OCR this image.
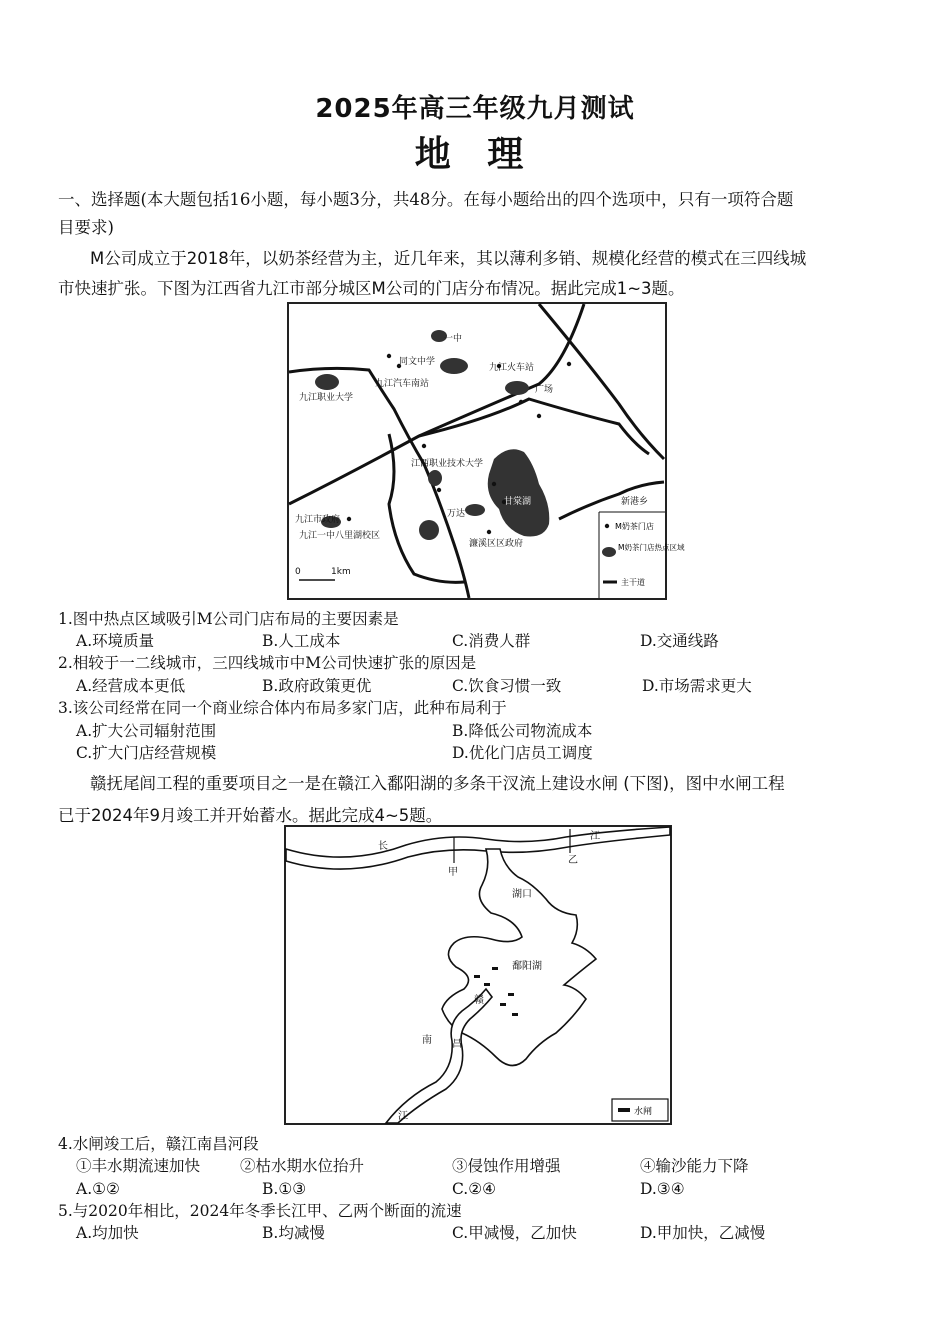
2025年高三年级九月测试
地 理
一、选择题(本大题包括16小题，每小题3分，共48分。在每小题给出的四个选项中，只有一项符合题
目要求)
M公司成立于2018年，以奶茶经营为主，近几年来，其以薄利多销、规模化经营的模式在三四线城
市快速扩张。下图为江西省九江市部分城区M公司的门店分布情况。据此完成1~3题。
一中
同文中学
九江火车站
九江汽车南站
九江职业大学
广场
江西职业技术大学
甘棠湖	新港乡
九江市政府
九江一中八里湖校区
万达
濂溪区区政府
0	1km
M奶茶门店
M奶茶门店热点区域
主干道
1.图中热点区域吸引M公司门店布局的主要因素是
A.环境质量	B.人工成本	C.消费人群	D.交通线路
2.相较于一二线城市，三四线城市中M公司快速扩张的原因是
A.经营成本更低	B.政府政策更优	C.饮食习惯一致	D.市场需求更大
3.该公司经常在同一个商业综合体内布局多家门店，此种布局利于
A.扩大公司辐射范围	B.降低公司物流成本
C.扩大门店经营规模	D.优化门店员工调度
赣抚尾闾工程的重要项目之一是在赣江入鄱阳湖的多条干汊流上建设水闸 (下图)，图中水闸工程
已于2024年9月竣工并开始蓄水。据此完成4~5题。
长
甲
乙
江
湖口
鄱阳湖
赣
江
南 昌
水闸
4.水闸竣工后，赣江南昌河段
①丰水期流速加快	②枯水期水位抬升	③侵蚀作用增强	④输沙能力下降
A.①②	B.①③	C.②④	D.③④
5.与2020年相比，2024年冬季长江甲、乙两个断面的流速
A.均加快	B.均减慢	C.甲减慢，乙加快	D.甲加快，乙减慢
